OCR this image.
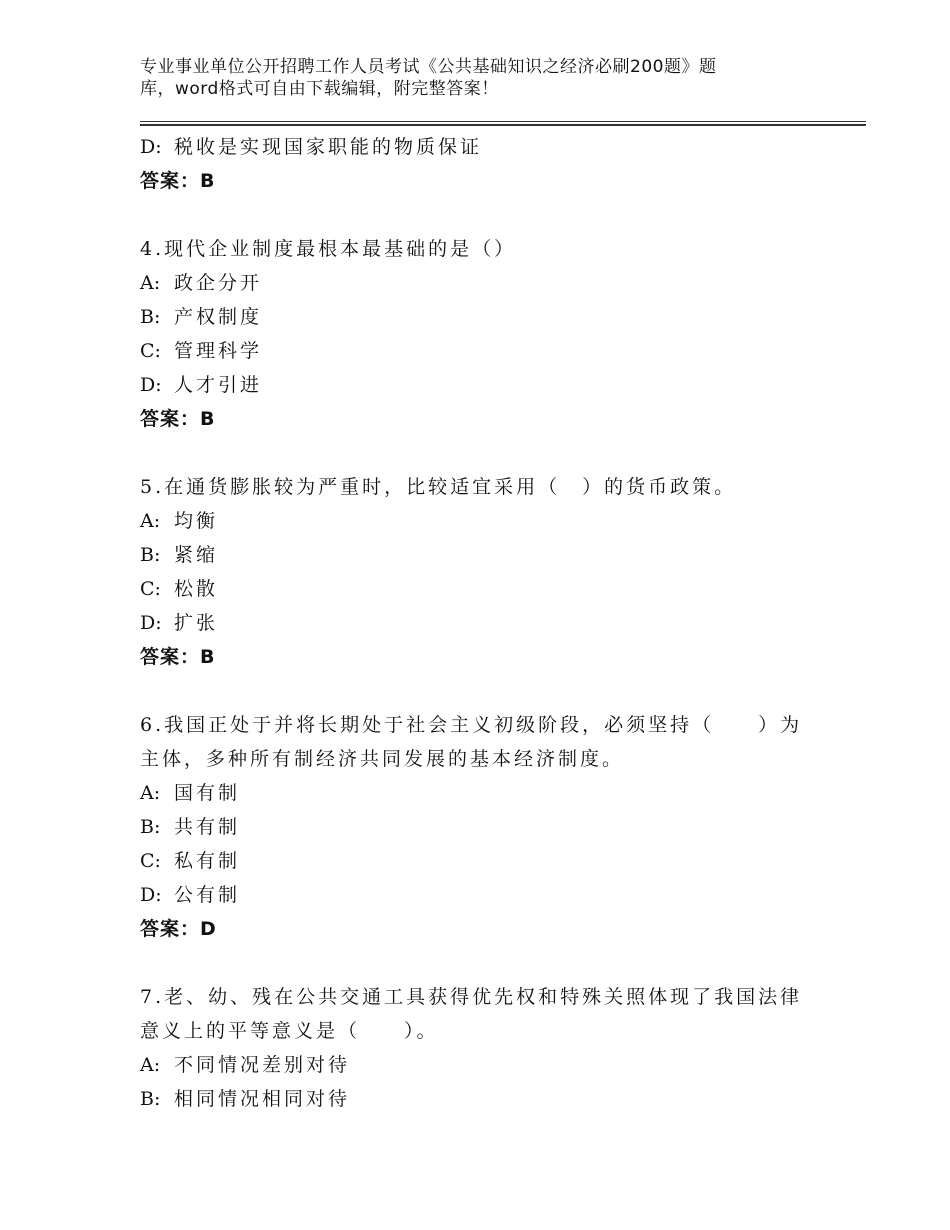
专业事业单位公开招聘工作人员考试《公共基础知识之经济必刷200题》题
库，word格式可自由下载编辑，附完整答案！
D: 税收是实现国家职能的物质保证
答案：B
4.现代企业制度最根本最基础的是（）
A: 政企分开
B: 产权制度
C: 管理科学
D: 人才引进
答案：B
5.在通货膨胀较为严重时，比较适宜采用（　）的货币政策。
A: 均衡
B: 紧缩
C: 松散
D: 扩张
答案：B
6.我国正处于并将长期处于社会主义初级阶段，必须坚持（　　）为
主体，多种所有制经济共同发展的基本经济制度。
A: 国有制
B: 共有制
C: 私有制
D: 公有制
答案：D
7.老、幼、残在公共交通工具获得优先权和特殊关照体现了我国法律
意义上的平等意义是（　　）。
A: 不同情况差别对待
B: 相同情况相同对待
